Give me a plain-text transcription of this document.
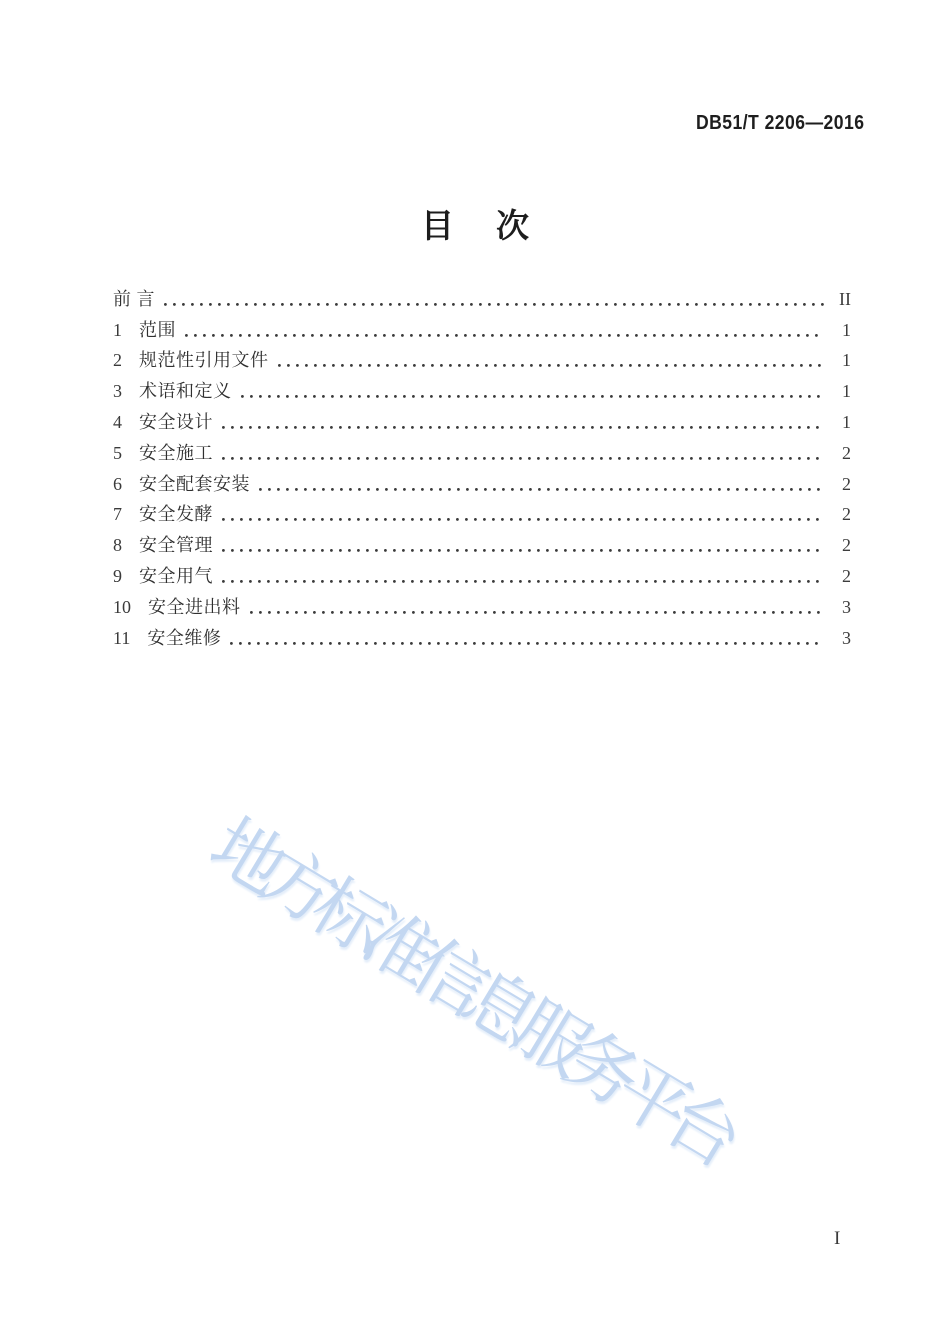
DB51/T 2206—2016
目 次
前 言	II
1 范围	1
2 规范性引用文件	1
3 术语和定义	1
4 安全设计	1
5 安全施工	2
6 安全配套安装	2
7 安全发酵	2
8 安全管理	2
9 安全用气	2
10 安全进出料	3
11 安全维修	3
地方标准信息服务平台
I
